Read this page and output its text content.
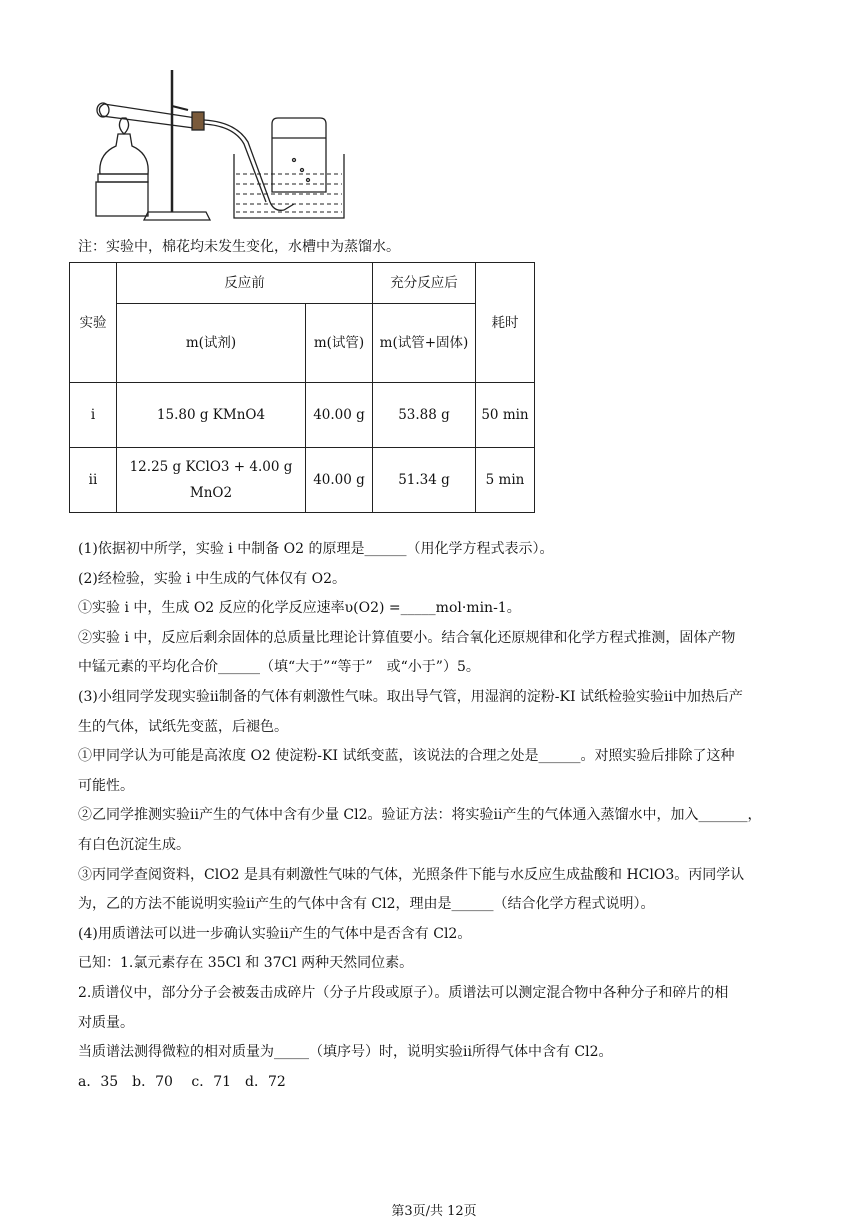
注：实验中，棉花均未发生变化，水槽中为蒸馏水。
实验	反应前		充分反应后	耗时
	m(试剂)	m(试管)	m(试管+固体)	
i	15.80 g KMnO4	40.00 g	53.88 g	50 min
ii	12.25 g KClO3 + 4.00 g MnO2	40.00 g	51.34 g	5 min
(1)依据初中所学，实验 i 中制备 O2 的原理是______（用化学方程式表示）。
(2)经检验，实验 i 中生成的气体仅有 O2。
①实验 i 中，生成 O2 反应的化学反应速率υ(O2) =_____mol·min-1。
②实验 i 中，反应后剩余固体的总质量比理论计算值要小。结合氧化还原规律和化学方程式推测，固体产物
中锰元素的平均化合价______（填“大于”“等于”　或“小于”）5。
(3)小组同学发现实验ii制备的气体有刺激性气味。取出导气管，用湿润的淀粉-KI 试纸检验实验ii中加热后产
生的气体，试纸先变蓝，后褪色。
①甲同学认为可能是高浓度 O2 使淀粉-KI 试纸变蓝，该说法的合理之处是______。对照实验后排除了这种
可能性。
②乙同学推测实验ii产生的气体中含有少量 Cl2。验证方法：将实验ii产生的气体通入蒸馏水中，加入_______，
有白色沉淀生成。
③丙同学查阅资料，ClO2 是具有刺激性气味的气体，光照条件下能与水反应生成盐酸和 HClO3。丙同学认
为，乙的方法不能说明实验ii产生的气体中含有 Cl2，理由是______（结合化学方程式说明）。
(4)用质谱法可以进一步确认实验ii产生的气体中是否含有 Cl2。
已知：1.氯元素存在 35Cl 和 37Cl 两种天然同位素。
2.质谱仪中，部分分子会被轰击成碎片（分子片段或原子）。质谱法可以测定混合物中各种分子和碎片的相
对质量。
当质谱法测得微粒的相对质量为_____（填序号）时，说明实验ii所得气体中含有 Cl2。
a．35　b．70　 c．71　d．72
第3页/共 12页
